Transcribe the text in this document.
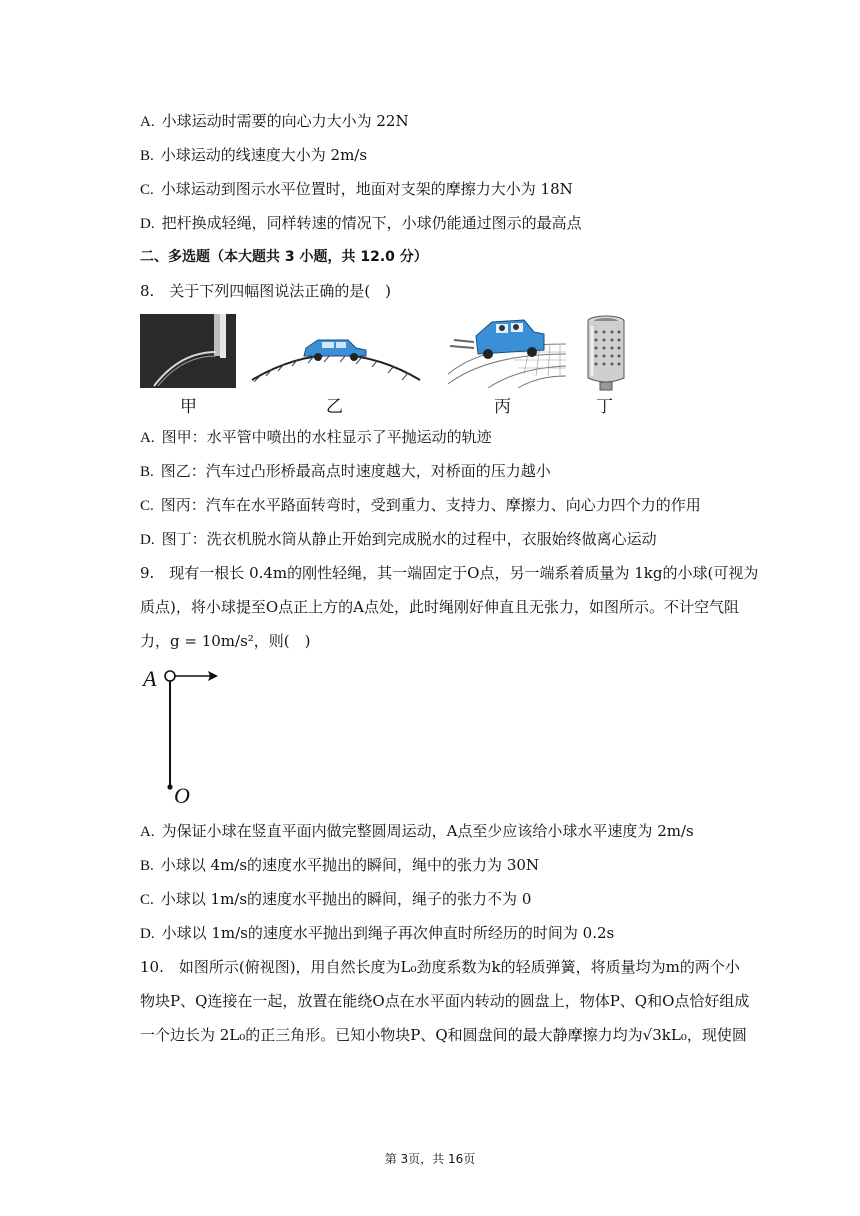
A. 小球运动时需要的向心力大小为 22N
B. 小球运动的线速度大小为 2m/s
C. 小球运动到图示水平位置时，地面对支架的摩擦力大小为 18N
D. 把杆换成轻绳，同样转速的情况下，小球仍能通过图示的最高点
二、多选题（本大题共 3 小题，共 12.0 分）
8.　关于下列四幅图说法正确的是(　)
甲	乙	丙	丁
A. 图甲：水平管中喷出的水柱显示了平抛运动的轨迹
B. 图乙：汽车过凸形桥最高点时速度越大，对桥面的压力越小
C. 图丙：汽车在水平路面转弯时，受到重力、支持力、摩擦力、向心力四个力的作用
D. 图丁：洗衣机脱水筒从静止开始到完成脱水的过程中，衣服始终做离心运动
9.　现有一根长 0.4m的刚性轻绳，其一端固定于O点，另一端系着质量为 1kg的小球(可视为
质点)，将小球提至O点正上方的A点处，此时绳刚好伸直且无张力，如图所示。不计空气阻
力，g = 10m/s²，则(　)
A
O
A. 为保证小球在竖直平面内做完整圆周运动，A点至少应该给小球水平速度为 2m/s
B. 小球以 4m/s的速度水平抛出的瞬间，绳中的张力为 30N
C. 小球以 1m/s的速度水平抛出的瞬间，绳子的张力不为 0
D. 小球以 1m/s的速度水平抛出到绳子再次伸直时所经历的时间为 0.2s
10.　如图所示(俯视图)，用自然长度为L₀劲度系数为k的轻质弹簧，将质量均为m的两个小
物块P、Q连接在一起，放置在能绕O点在水平面内转动的圆盘上，物体P、Q和O点恰好组成
一个边长为 2L₀的正三角形。已知小物块P、Q和圆盘间的最大静摩擦力均为√3kL₀，现使圆
第 3页，共 16页
